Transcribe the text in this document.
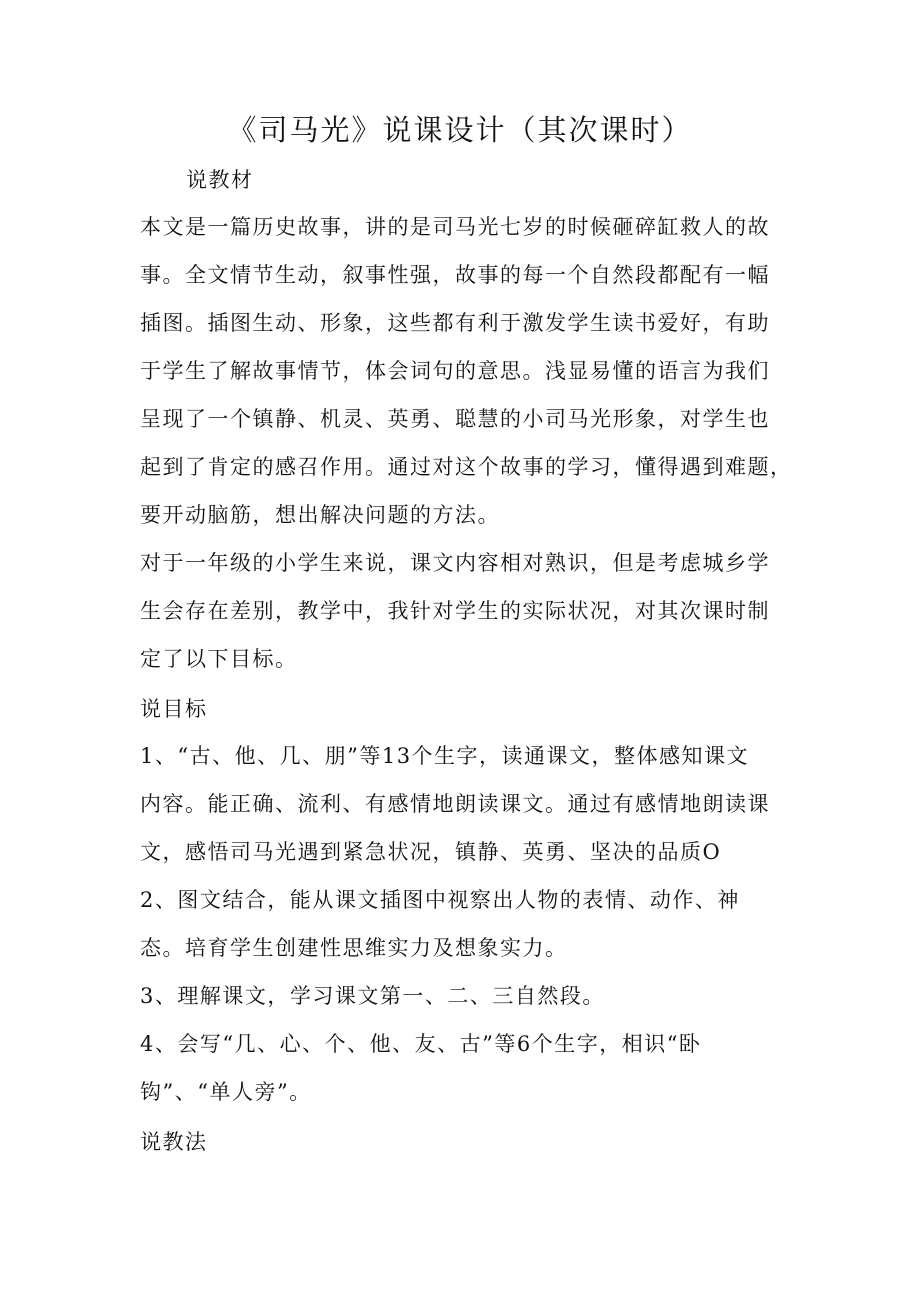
《司马光》说课设计（其次课时）
说教材
本文是一篇历史故事，讲的是司马光七岁的时候砸碎缸救人的故
事。全文情节生动，叙事性强，故事的每一个自然段都配有一幅
插图。插图生动、形象，这些都有利于激发学生读书爱好，有助
于学生了解故事情节，体会词句的意思。浅显易懂的语言为我们
呈现了一个镇静、机灵、英勇、聪慧的小司马光形象，对学生也
起到了肯定的感召作用。通过对这个故事的学习，懂得遇到难题，
要开动脑筋，想出解决问题的方法。
对于一年级的小学生来说，课文内容相对熟识，但是考虑城乡学
生会存在差别，教学中，我针对学生的实际状况，对其次课时制
定了以下目标。
说目标
1、“古、他、几、朋”等13个生字，读通课文，整体感知课文
内容。能正确、流利、有感情地朗读课文。通过有感情地朗读课
文，感悟司马光遇到紧急状况，镇静、英勇、坚决的品质O
2、图文结合，能从课文插图中视察出人物的表情、动作、神
态。培育学生创建性思维实力及想象实力。
3、理解课文，学习课文第一、二、三自然段。
4、会写“几、心、个、他、友、古”等6个生字，相识“卧
钩”、“单人旁”。
说教法
